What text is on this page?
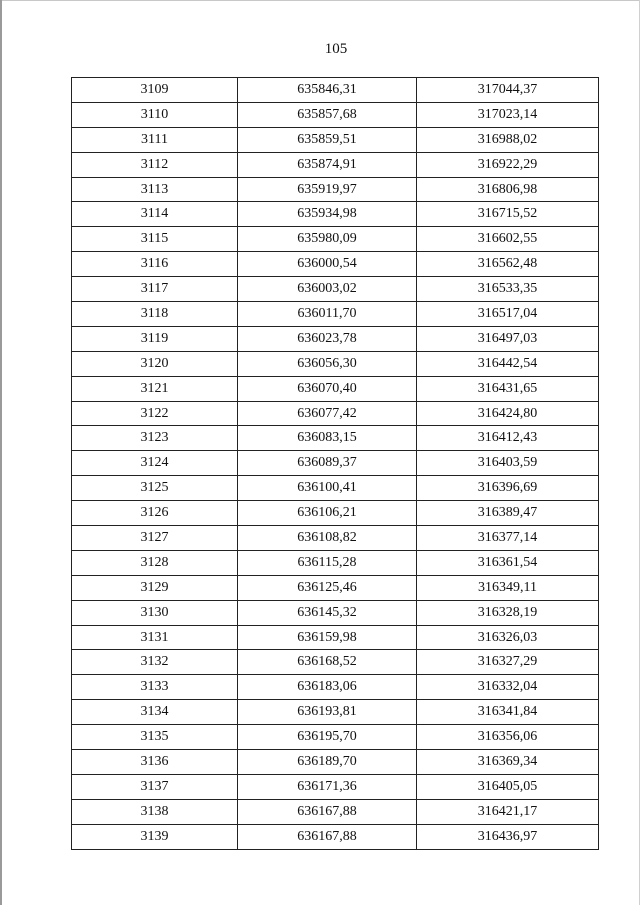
105
3109	635846,31	317044,37
3110	635857,68	317023,14
3111	635859,51	316988,02
3112	635874,91	316922,29
3113	635919,97	316806,98
3114	635934,98	316715,52
3115	635980,09	316602,55
3116	636000,54	316562,48
3117	636003,02	316533,35
3118	636011,70	316517,04
3119	636023,78	316497,03
3120	636056,30	316442,54
3121	636070,40	316431,65
3122	636077,42	316424,80
3123	636083,15	316412,43
3124	636089,37	316403,59
3125	636100,41	316396,69
3126	636106,21	316389,47
3127	636108,82	316377,14
3128	636115,28	316361,54
3129	636125,46	316349,11
3130	636145,32	316328,19
3131	636159,98	316326,03
3132	636168,52	316327,29
3133	636183,06	316332,04
3134	636193,81	316341,84
3135	636195,70	316356,06
3136	636189,70	316369,34
3137	636171,36	316405,05
3138	636167,88	316421,17
3139	636167,88	316436,97
